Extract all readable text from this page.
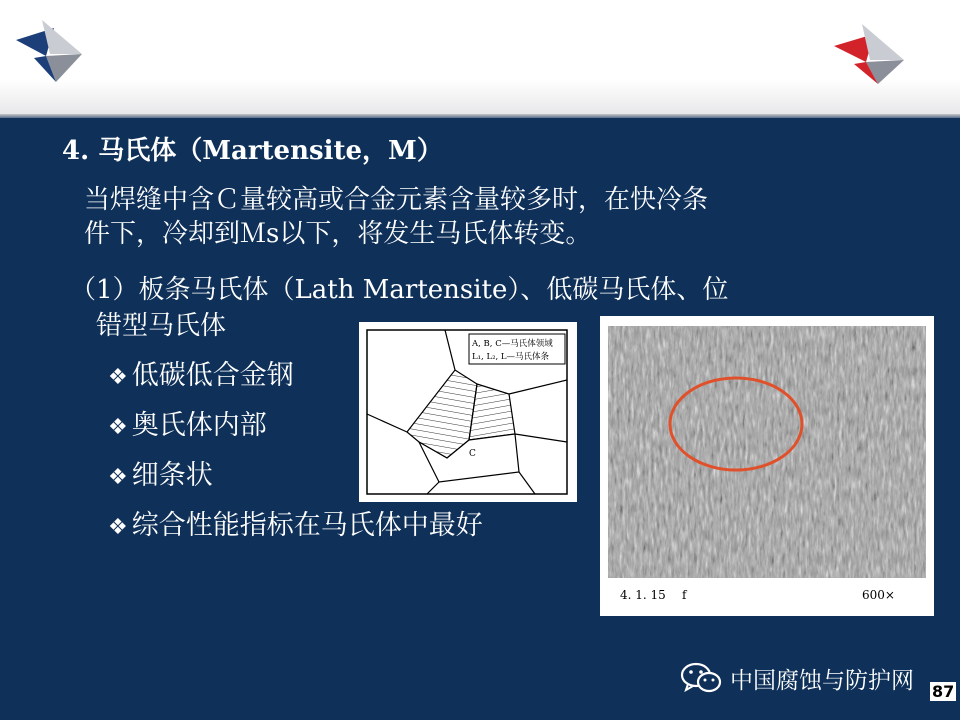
4. 马氏体（Martensite，M）
当焊缝中含Ｃ量较高或合金元素含量较多时，在快冷条
件下，冷却到Ｍs以下，将发生马氏体转变。
（1）板条马氏体（Lath Martensite）、低碳马氏体、位
错型马氏体
❖ 低碳低合金钢
❖ 奥氏体内部
❖ 细条状
❖ 综合性能指标在马氏体中最好
A, B, C—马氏体领域
L₁, L₂, L—马氏体条
C
4. 1. 15 f	600×
中国腐蚀与防护网 87
